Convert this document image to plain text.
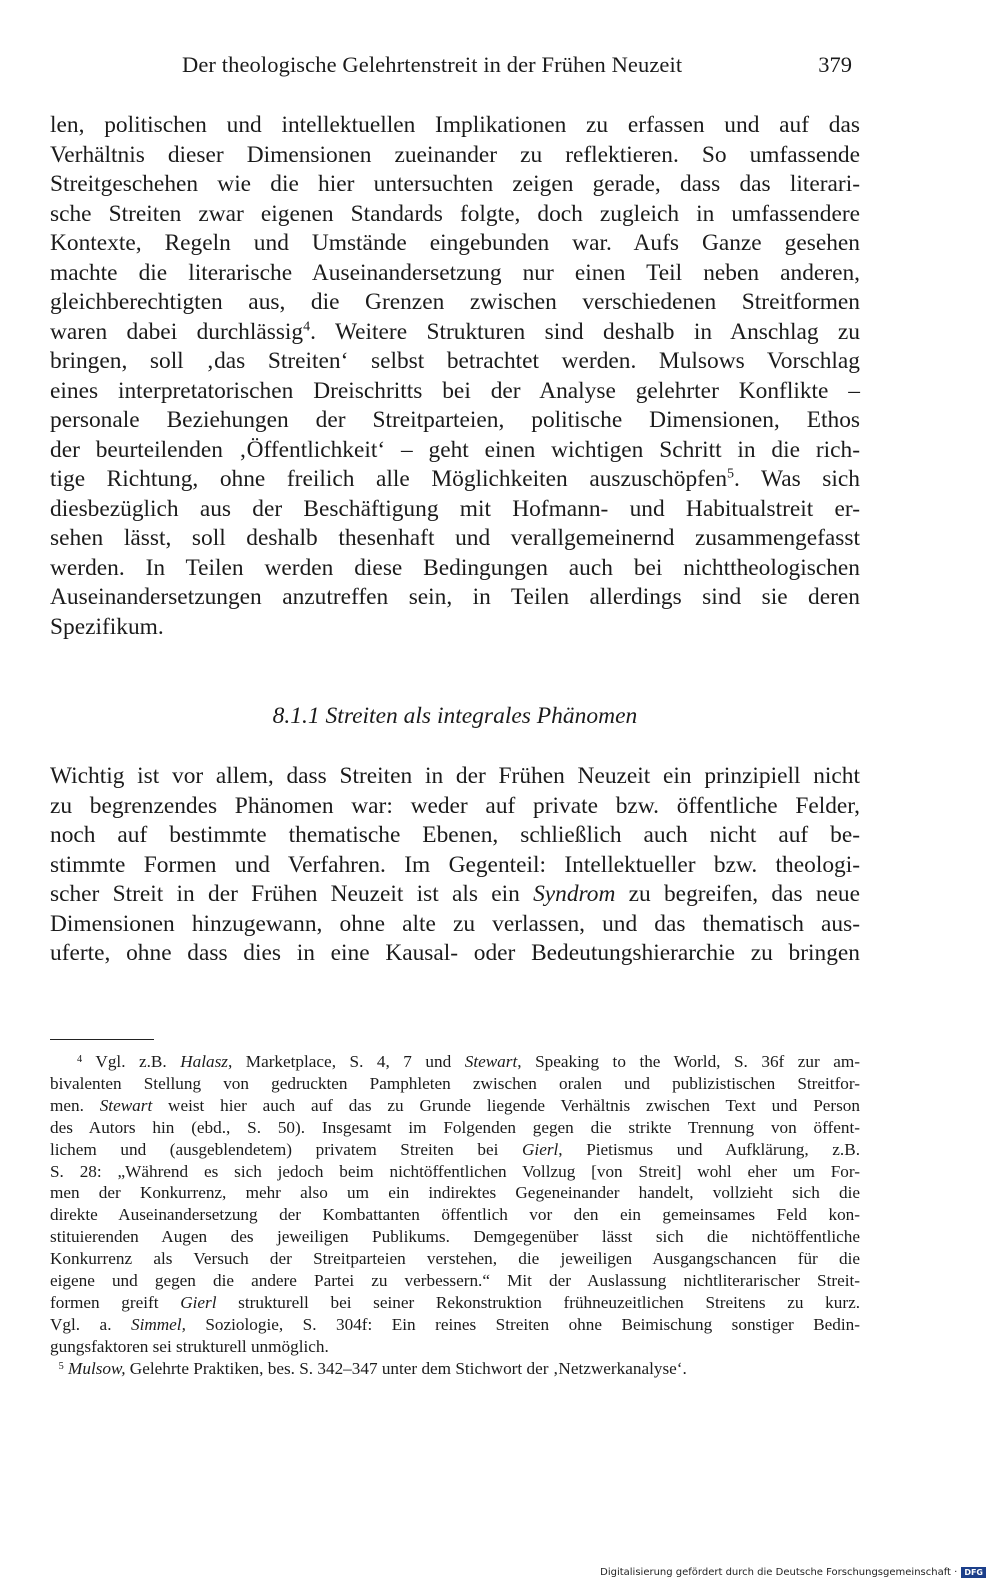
Der theologische Gelehrtenstreit in der Frühen Neuzeit	379
len, politischen und intellektuellen Implikationen zu erfassen und auf das
Verhältnis dieser Dimensionen zueinander zu reflektieren. So umfassende
Streitgeschehen wie die hier untersuchten zeigen gerade, dass das literari-
sche Streiten zwar eigenen Standards folgte, doch zugleich in umfassendere
Kontexte, Regeln und Umstände eingebunden war. Aufs Ganze gesehen
machte die literarische Auseinandersetzung nur einen Teil neben anderen,
gleichberechtigten aus, die Grenzen zwischen verschiedenen Streitformen
waren dabei durchlässig$^4$. Weitere Strukturen sind deshalb in Anschlag zu
bringen, soll ‚das Streiten‘ selbst betrachtet werden. Mulsows Vorschlag
eines interpretatorischen Dreischritts bei der Analyse gelehrter Konflikte –
personale Beziehungen der Streitparteien, politische Dimensionen, Ethos
der beurteilenden ‚Öffentlichkeit‘ – geht einen wichtigen Schritt in die rich-
tige Richtung, ohne freilich alle Möglichkeiten auszuschöpfen$^5$. Was sich
diesbezüglich aus der Beschäftigung mit Hofmann- und Habitualstreit er-
sehen lässt, soll deshalb thesenhaft und verallgemeinernd zusammengefasst
werden. In Teilen werden diese Bedingungen auch bei nichttheologischen
Auseinandersetzungen anzutreffen sein, in Teilen allerdings sind sie deren
Spezifikum.
8.1.1 Streiten als integrales Phänomen
Wichtig ist vor allem, dass Streiten in der Frühen Neuzeit ein prinzipiell nicht
zu begrenzendes Phänomen war: weder auf private bzw. öffentliche Felder,
noch auf bestimmte thematische Ebenen, schließlich auch nicht auf be-
stimmte Formen und Verfahren. Im Gegenteil: Intellektueller bzw. theologi-
scher Streit in der Frühen Neuzeit ist als ein Syndrom zu begreifen, das neue
Dimensionen hinzugewann, ohne alte zu verlassen, und das thematisch aus-
uferte, ohne dass dies in eine Kausal- oder Bedeutungshierarchie zu bringen
$^4$ Vgl. z.B. Halasz, Marketplace, S. 4, 7 und Stewart, Speaking to the World, S. 36f zur am-
bivalenten Stellung von gedruckten Pamphleten zwischen oralen und publizistischen Streitfor-
men. Stewart weist hier auch auf das zu Grunde liegende Verhältnis zwischen Text und Person
des Autors hin (ebd., S. 50). Insgesamt im Folgenden gegen die strikte Trennung von öffent-
lichem und (ausgeblendetem) privatem Streiten bei Gierl, Pietismus und Aufklärung, z.B.
S. 28: „Während es sich jedoch beim nichtöffentlichen Vollzug [von Streit] wohl eher um For-
men der Konkurrenz, mehr also um ein indirektes Gegeneinander handelt, vollzieht sich die
direkte Auseinandersetzung der Kombattanten öffentlich vor den ein gemeinsames Feld kon-
stituierenden Augen des jeweiligen Publikums. Demgegenüber lässt sich die nichtöffentliche
Konkurrenz als Versuch der Streitparteien verstehen, die jeweiligen Ausgangschancen für die
eigene und gegen die andere Partei zu verbessern.“ Mit der Auslassung nichtliterarischer Streit-
formen greift Gierl strukturell bei seiner Rekonstruktion frühneuzeitlichen Streitens zu kurz.
Vgl. a. Simmel, Soziologie, S. 304f: Ein reines Streiten ohne Beimischung sonstiger Bedin-
gungsfaktoren sei strukturell unmöglich.
$^5$ Mulsow, Gelehrte Praktiken, bes. S. 342–347 unter dem Stichwort der ‚Netzwerkanalyse‘.
Digitalisierung gefördert durch die Deutsche Forschungsgemeinschaft · DFG
